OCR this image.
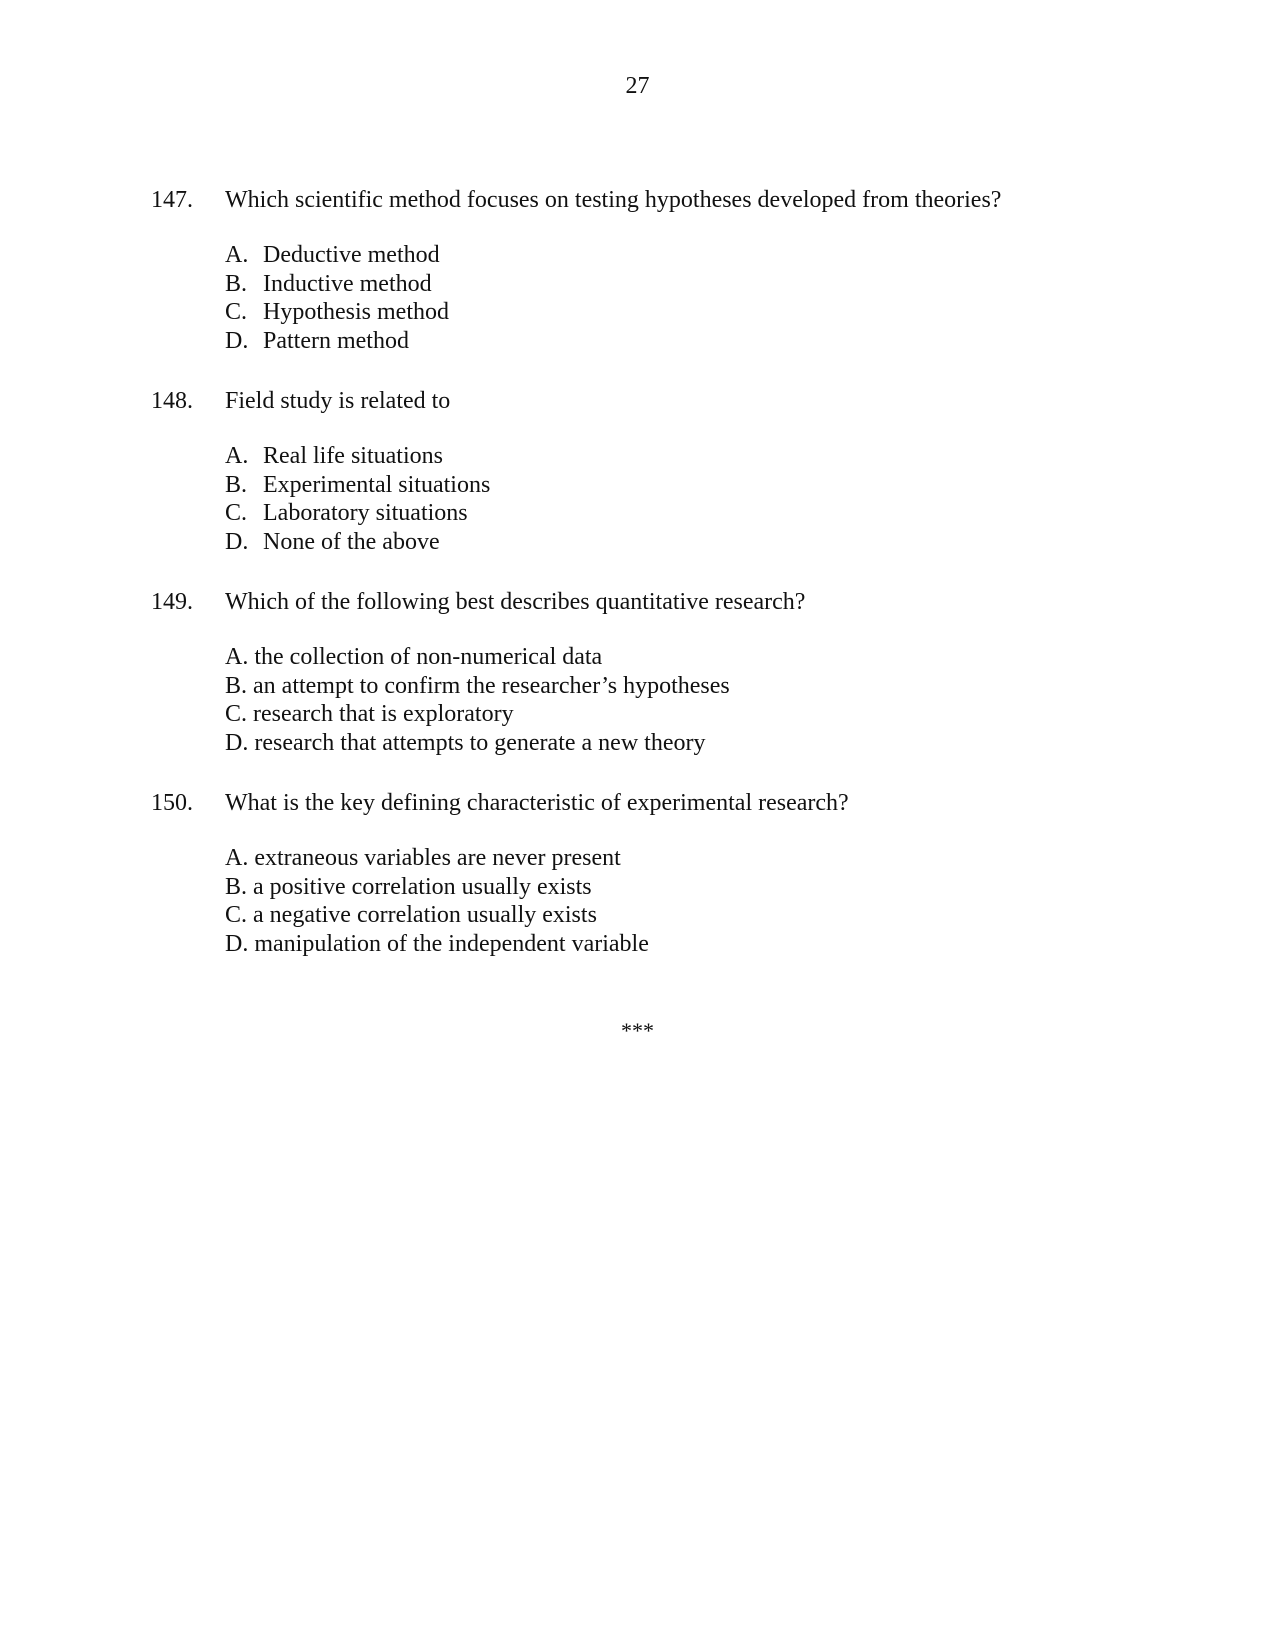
27
147. Which scientific method focuses on testing hypotheses developed from theories?
A. Deductive method
B. Inductive method
C. Hypothesis method
D. Pattern method
148. Field study is related to
A. Real life situations
B. Experimental situations
C. Laboratory situations
D. None of the above
149. Which of the following best describes quantitative research?
A. the collection of non-numerical data
B. an attempt to confirm the researcher’s hypotheses
C. research that is exploratory
D. research that attempts to generate a new theory
150. What is the key defining characteristic of experimental research?
A. extraneous variables are never present
B. a positive correlation usually exists
C. a negative correlation usually exists
D. manipulation of the independent variable
***
